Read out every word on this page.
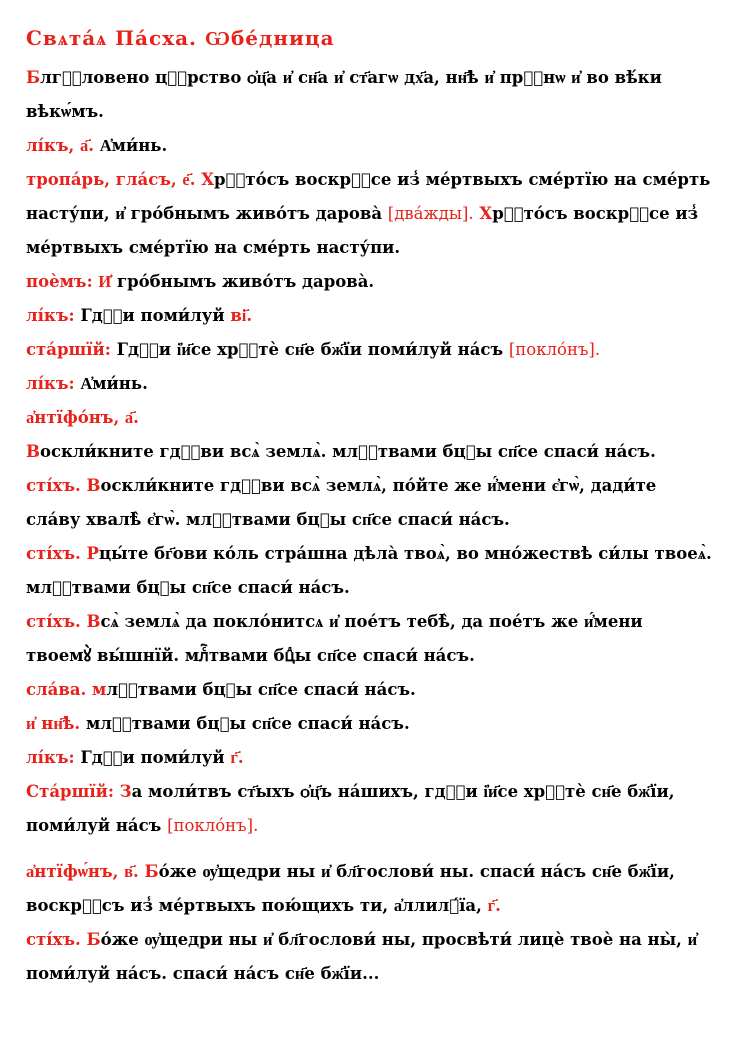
Свѧта́ѧ Па́сха. Ѡбе́дница
Блгⷭ҇ловено цⷭ҇рство ѻ҆ц҃а и҆ сн҃а и҆ ст҃агѡ дх҃а, нн҃ѣ и҆ прⷭ҇нѡ и҆ во вѣ́ки вѣкѡ́мъ.
лі́къ, а҃. А҆ми́нь.
тропа́рь, гла́съ, е҃. Хрⷭ҇то́съ воскрⷭ҇се из̾ ме́ртвыхъ сме́ртїю на сме́рть насту́пи, и҆ гро́бнымъ живо́тъ дарова̀ [два́жды]. Хрⷭ҇то́съ воскрⷭ҇се из̾ ме́ртвыхъ сме́ртїю на сме́рть насту́пи.
поѐмъ: И҆ гро́бнымъ живо́тъ дарова̀.
лі́къ: Гдⷭ҇и поми́луй ві҃.
ста́ршїй: Гдⷭ҇и і҆и҃се хрⷭ҇тѐ сн҃е бж҃їи поми́луй на́съ [покло́нъ].
лі́къ: А҆ми́нь.
а҆нтїфо́нъ, а҃.
Воскли́кните гдⷭ҇ви всѧ̀ землѧ̀. млⷭ҇твами бцⷣы сп҃се спаси́ на́съ.
сті́хъ. Воскли́кните гдⷭ҇ви всѧ̀ землѧ̀, по́йте же и҆́мени є҆гѡ̀, дади́те сла́ву хвалѣ̀ є҆гѡ̀. млⷭ҇твами бцⷣы сп҃се спаси́ на́съ.
сті́хъ. Рцы́те бг҃ови ко́ль стра́шна дѣла̀ твоѧ̀, во мно́жествѣ си́лы твоеѧ̀. млⷭ҇твами бцⷣы сп҃се спаси́ на́съ.
сті́хъ. Всѧ̀ землѧ̀ да покло́нитсѧ и҆ пое́тъ тебѣ̀, да пое́тъ же и҆́мени твоемꙋ̀ вы́шнїй. млⷭ҇твами бцⷣы сп҃се спаси́ на́съ.
сла́ва. млⷭ҇твами бцⷣы сп҃се спаси́ на́съ.
и҆ нн҃ѣ. млⷭ҇твами бцⷣы сп҃се спаси́ на́съ.
лі́къ: Гдⷭ҇и поми́луй г҃.
Ста́ршїй: За моли́твъ ст҃ыхъ ѻ҆ц҃ъ на́шихъ, гдⷭ҇и і҆и҃се хрⷭ҇тѐ сн҃е бж҃їи, поми́луй на́съ [покло́нъ].
а҆нтїфѡ́нъ, в҃. Бо́же ѹ҆щедри ны и҆ бл҃гослови́ ны. спаси́ на́съ сн҃е бж҃їи, воскрⷭ҇съ из̾ ме́ртвыхъ пою́щихъ ти, а҆ллилꙋ́їа, г҃.
сті́хъ. Бо́же ѹ҆щедри ны и҆ бл҃гослови́ ны, просвѣти́ лицѐ твоѐ на ны̀, и҆ поми́луй на́съ. спаси́ на́съ сн҃е бж҃їи...
